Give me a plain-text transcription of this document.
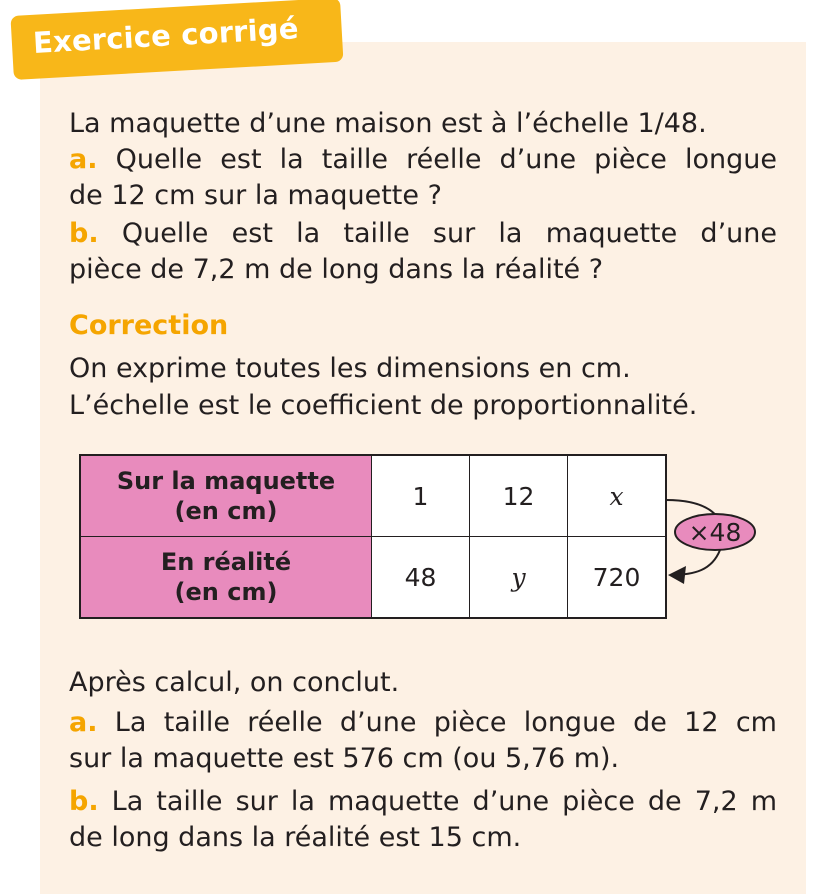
Exercice corrigé

La maquette d’une maison est à l’échelle 1/48.

a. Quelle est la taille réelle d’une pièce longue

de 12 cm sur la maquette ?

b. Quelle est la taille sur la maquette d’une

pièce de 7,2 m de long dans la réalité ?

Correction

On exprime toutes les dimensions en cm.

L’échelle est le coefficient de proportionnalité.

Sur la maquette
(en cm)	1	12	x
En réalité
(en cm)	48	y	720
×48

Après calcul, on conclut.

a. La taille réelle d’une pièce longue de 12 cm

sur la maquette est 576 cm (ou 5,76 m).

b. La taille sur la maquette d’une pièce de 7,2 m

de long dans la réalité est 15 cm.
